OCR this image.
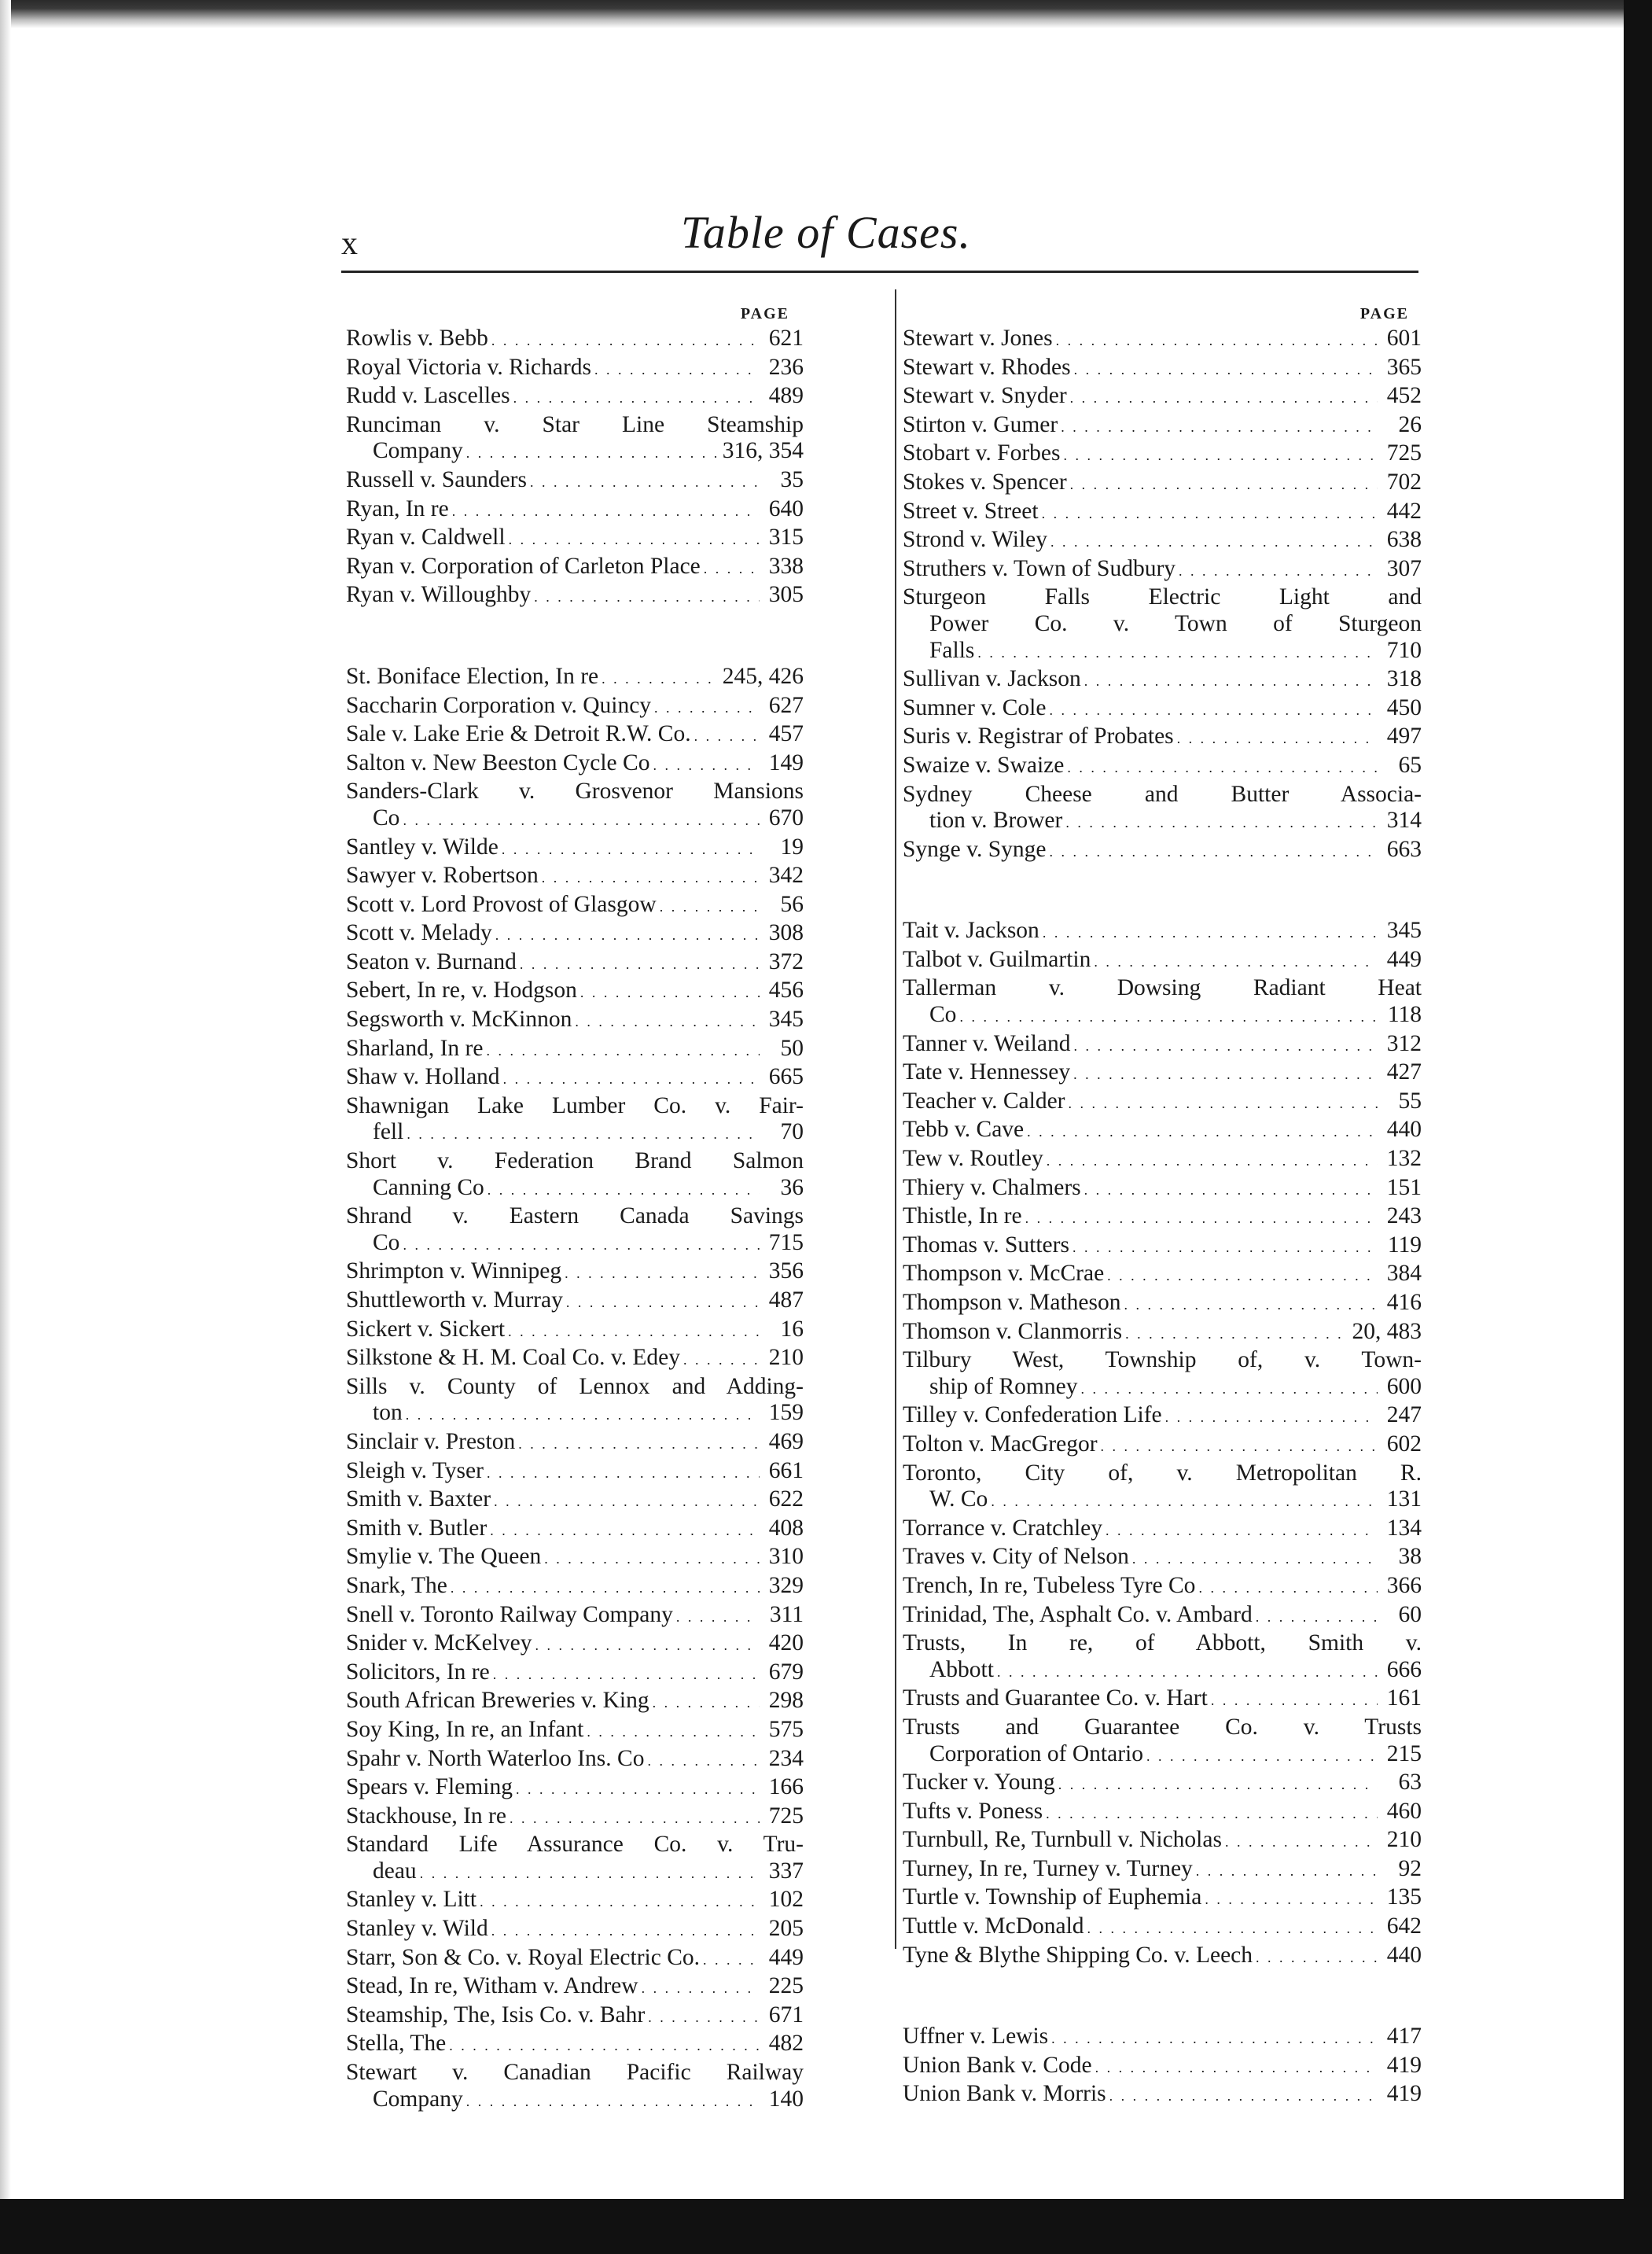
x	Table of Cases.
PAGE
Rowlis v. Bebb . . .	621
Royal Victoria v. Richards . . .	236
Rudd v. Lascelles . . .	489
Runciman v. Star Line Steamship
Company . . .	316, 354
Russell v. Saunders . . .	35
Ryan, In re . . .	640
Ryan v. Caldwell . . .	315
Ryan v. Corporation of Carleton Place . . .	338
Ryan v. Willoughby . . .	305
St. Boniface Election, In re . . .	245, 426
Saccharin Corporation v. Quincy . . .	627
Sale v. Lake Erie & Detroit R.W. Co. . . .	457
Salton v. New Beeston Cycle Co . . .	149
Sanders-Clark v. Grosvenor Mansions
Co . . .	670
Santley v. Wilde . . .	19
Sawyer v. Robertson . . .	342
Scott v. Lord Provost of Glasgow . . .	56
Scott v. Melady . . .	308
Seaton v. Burnand . . .	372
Sebert, In re, v. Hodgson . . .	456
Segsworth v. McKinnon . . .	345
Sharland, In re . . .	50
Shaw v. Holland . . .	665
Shawnigan Lake Lumber Co. v. Fair-
fell . . .	70
Short v. Federation Brand Salmon
Canning Co . . .	36
Shrand v. Eastern Canada Savings
Co . . .	715
Shrimpton v. Winnipeg . . .	356
Shuttleworth v. Murray . . .	487
Sickert v. Sickert . . .	16
Silkstone & H. M. Coal Co. v. Edey . . .	210
Sills v. County of Lennox and Adding-
ton . . .	159
Sinclair v. Preston . . .	469
Sleigh v. Tyser . . .	661
Smith v. Baxter . . .	622
Smith v. Butler . . .	408
Smylie v. The Queen . . .	310
Snark, The . . .	329
Snell v. Toronto Railway Company . . .	311
Snider v. McKelvey . . .	420
Solicitors, In re . . .	679
South African Breweries v. King . . .	298
Soy King, In re, an Infant . . .	575
Spahr v. North Waterloo Ins. Co . . .	234
Spears v. Fleming . . .	166
Stackhouse, In re . . .	725
Standard Life Assurance Co. v. Tru-
deau . . .	337
Stanley v. Litt . . .	102
Stanley v. Wild . . .	205
Starr, Son & Co. v. Royal Electric Co. . . .	449
Stead, In re, Witham v. Andrew . . .	225
Steamship, The, Isis Co. v. Bahr . . .	671
Stella, The . . .	482
Stewart v. Canadian Pacific Railway
Company . . .	140
PAGE
Stewart v. Jones . . .	601
Stewart v. Rhodes . . .	365
Stewart v. Snyder . . .	452
Stirton v. Gumer . . .	26
Stobart v. Forbes . . .	725
Stokes v. Spencer . . .	702
Street v. Street . . .	442
Strond v. Wiley . . .	638
Struthers v. Town of Sudbury . . .	307
Sturgeon Falls Electric Light and
Power Co. v. Town of Sturgeon
Falls . . .	710
Sullivan v. Jackson . . .	318
Sumner v. Cole . . .	450
Suris v. Registrar of Probates . . .	497
Swaize v. Swaize . . .	65
Sydney Cheese and Butter Associa-
tion v. Brower . . .	314
Synge v. Synge . . .	663
Tait v. Jackson . . .	345
Talbot v. Guilmartin . . .	449
Tallerman v. Dowsing Radiant Heat
Co . . .	118
Tanner v. Weiland . . .	312
Tate v. Hennessey . . .	427
Teacher v. Calder . . .	55
Tebb v. Cave . . .	440
Tew v. Routley . . .	132
Thiery v. Chalmers . . .	151
Thistle, In re . . .	243
Thomas v. Sutters . . .	119
Thompson v. McCrae . . .	384
Thompson v. Matheson . . .	416
Thomson v. Clanmorris . . .	20, 483
Tilbury West, Township of, v. Town-
ship of Romney . . .	600
Tilley v. Confederation Life . . .	247
Tolton v. MacGregor . . .	602
Toronto, City of, v. Metropolitan R.
W. Co . . .	131
Torrance v. Cratchley . . .	134
Traves v. City of Nelson . . .	38
Trench, In re, Tubeless Tyre Co . . .	366
Trinidad, The, Asphalt Co. v. Ambard . . .	60
Trusts, In re, of Abbott, Smith v.
Abbott . . .	666
Trusts and Guarantee Co. v. Hart . . .	161
Trusts and Guarantee Co. v. Trusts
Corporation of Ontario . . .	215
Tucker v. Young . . .	63
Tufts v. Poness . . .	460
Turnbull, Re, Turnbull v. Nicholas . . .	210
Turney, In re, Turney v. Turney . . .	92
Turtle v. Township of Euphemia . . .	135
Tuttle v. McDonald . . .	642
Tyne & Blythe Shipping Co. v. Leech . . .	440
Uffner v. Lewis . . .	417
Union Bank v. Code . . .	419
Union Bank v. Morris . . .	419
